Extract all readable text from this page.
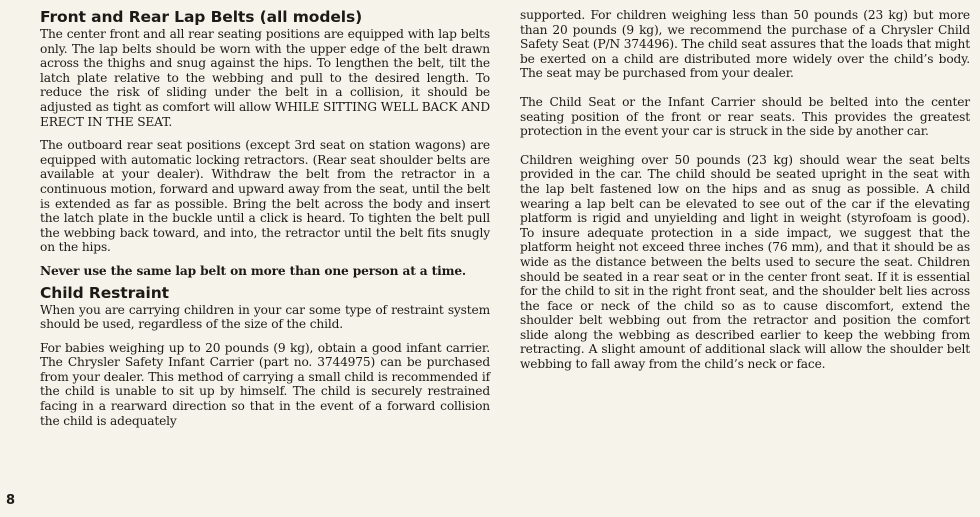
Front and Rear Lap Belts (all models)

The center front and all rear seating positions are equipped with lap belts only. The lap belts should be worn with the upper edge of the belt drawn across the thighs and snug against the hips. To lengthen the belt, tilt the latch plate relative to the webbing and pull to the desired length. To reduce the risk of sliding under the belt in a collision, it should be adjusted as tight as comfort will allow WHILE SITTING WELL BACK AND ERECT IN THE SEAT.

The outboard rear seat positions (except 3rd seat on station wagons) are equipped with automatic locking retractors. (Rear seat shoulder belts are available at your dealer). Withdraw the belt from the retractor in a continuous motion, forward and upward away from the seat, until the belt is extended as far as possible. Bring the belt across the body and insert the latch plate in the buckle until a click is heard. To tighten the belt pull the webbing back toward, and into, the retractor until the belt fits snugly on the hips.

Never use the same lap belt on more than one person at a time.

Child Restraint

When you are carrying children in your car some type of restraint system should be used, regardless of the size of the child.

For babies weighing up to 20 pounds (9 kg), obtain a good infant carrier. The Chrysler Safety Infant Carrier (part no. 3744975) can be purchased from your dealer. This method of carrying a small child is recommended if the child is unable to sit up by himself. The child is securely restrained facing in a rearward direction so that in the event of a forward collision the child is adequately

supported. For children weighing less than 50 pounds (23 kg) but more than 20 pounds (9 kg), we recommend the purchase of a Chrysler Child Safety Seat (P/N 374496). The child seat assures that the loads that might be exerted on a child are distributed more widely over the child’s body. The seat may be purchased from your dealer.

The Child Seat or the Infant Carrier should be belted into the center seating position of the front or rear seats. This provides the greatest protection in the event your car is struck in the side by another car.

Children weighing over 50 pounds (23 kg) should wear the seat belts provided in the car. The child should be seated upright in the seat with the lap belt fastened low on the hips and as snug as possible. A child wearing a lap belt can be elevated to see out of the car if the elevating platform is rigid and unyielding and light in weight (styrofoam is good). To insure adequate protection in a side impact, we suggest that the platform height not exceed three inches (76 mm), and that it should be as wide as the distance between the belts used to secure the seat. Children should be seated in a rear seat or in the center front seat. If it is essential for the child to sit in the right front seat, and the shoulder belt lies across the face or neck of the child so as to cause discomfort, extend the shoulder belt webbing out from the retractor and position the comfort slide along the webbing as described earlier to keep the webbing from retracting. A slight amount of additional slack will allow the shoulder belt webbing to fall away from the child’s neck or face.

8
